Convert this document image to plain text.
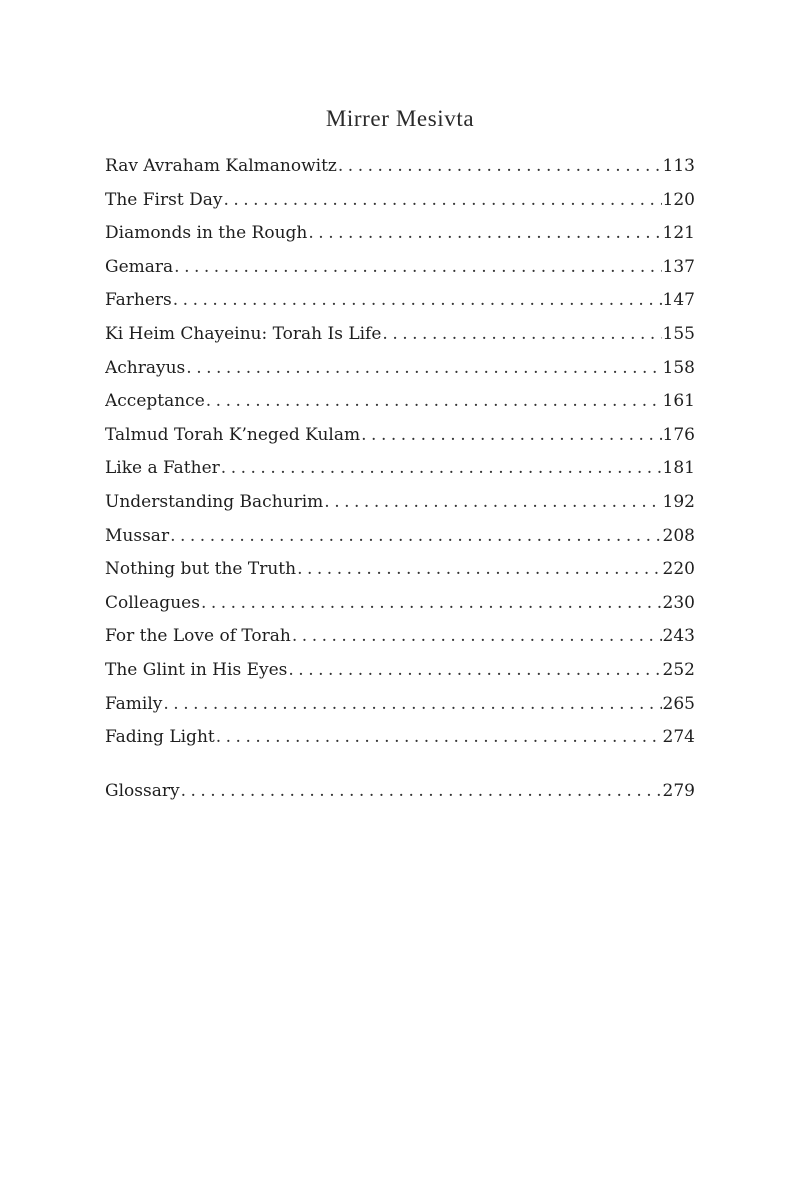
Mirrer Mesivta
Rav Avraham Kalmanowitz . . .	113
The First Day . . .	120
Diamonds in the Rough . . .	121
Gemara . . .	137
Farhers . . .	147
Ki Heim Chayeinu: Torah Is Life . . .	155
Achrayus . . .	158
Acceptance . . .	161
Talmud Torah K’neged Kulam . . .	176
Like a Father . . .	181
Understanding Bachurim . . .	192
Mussar . . .	208
Nothing but the Truth . . .	220
Colleagues . . .	230
For the Love of Torah . . .	243
The Glint in His Eyes . . .	252
Family . . .	265
Fading Light . . .	274
Glossary . . .	279
